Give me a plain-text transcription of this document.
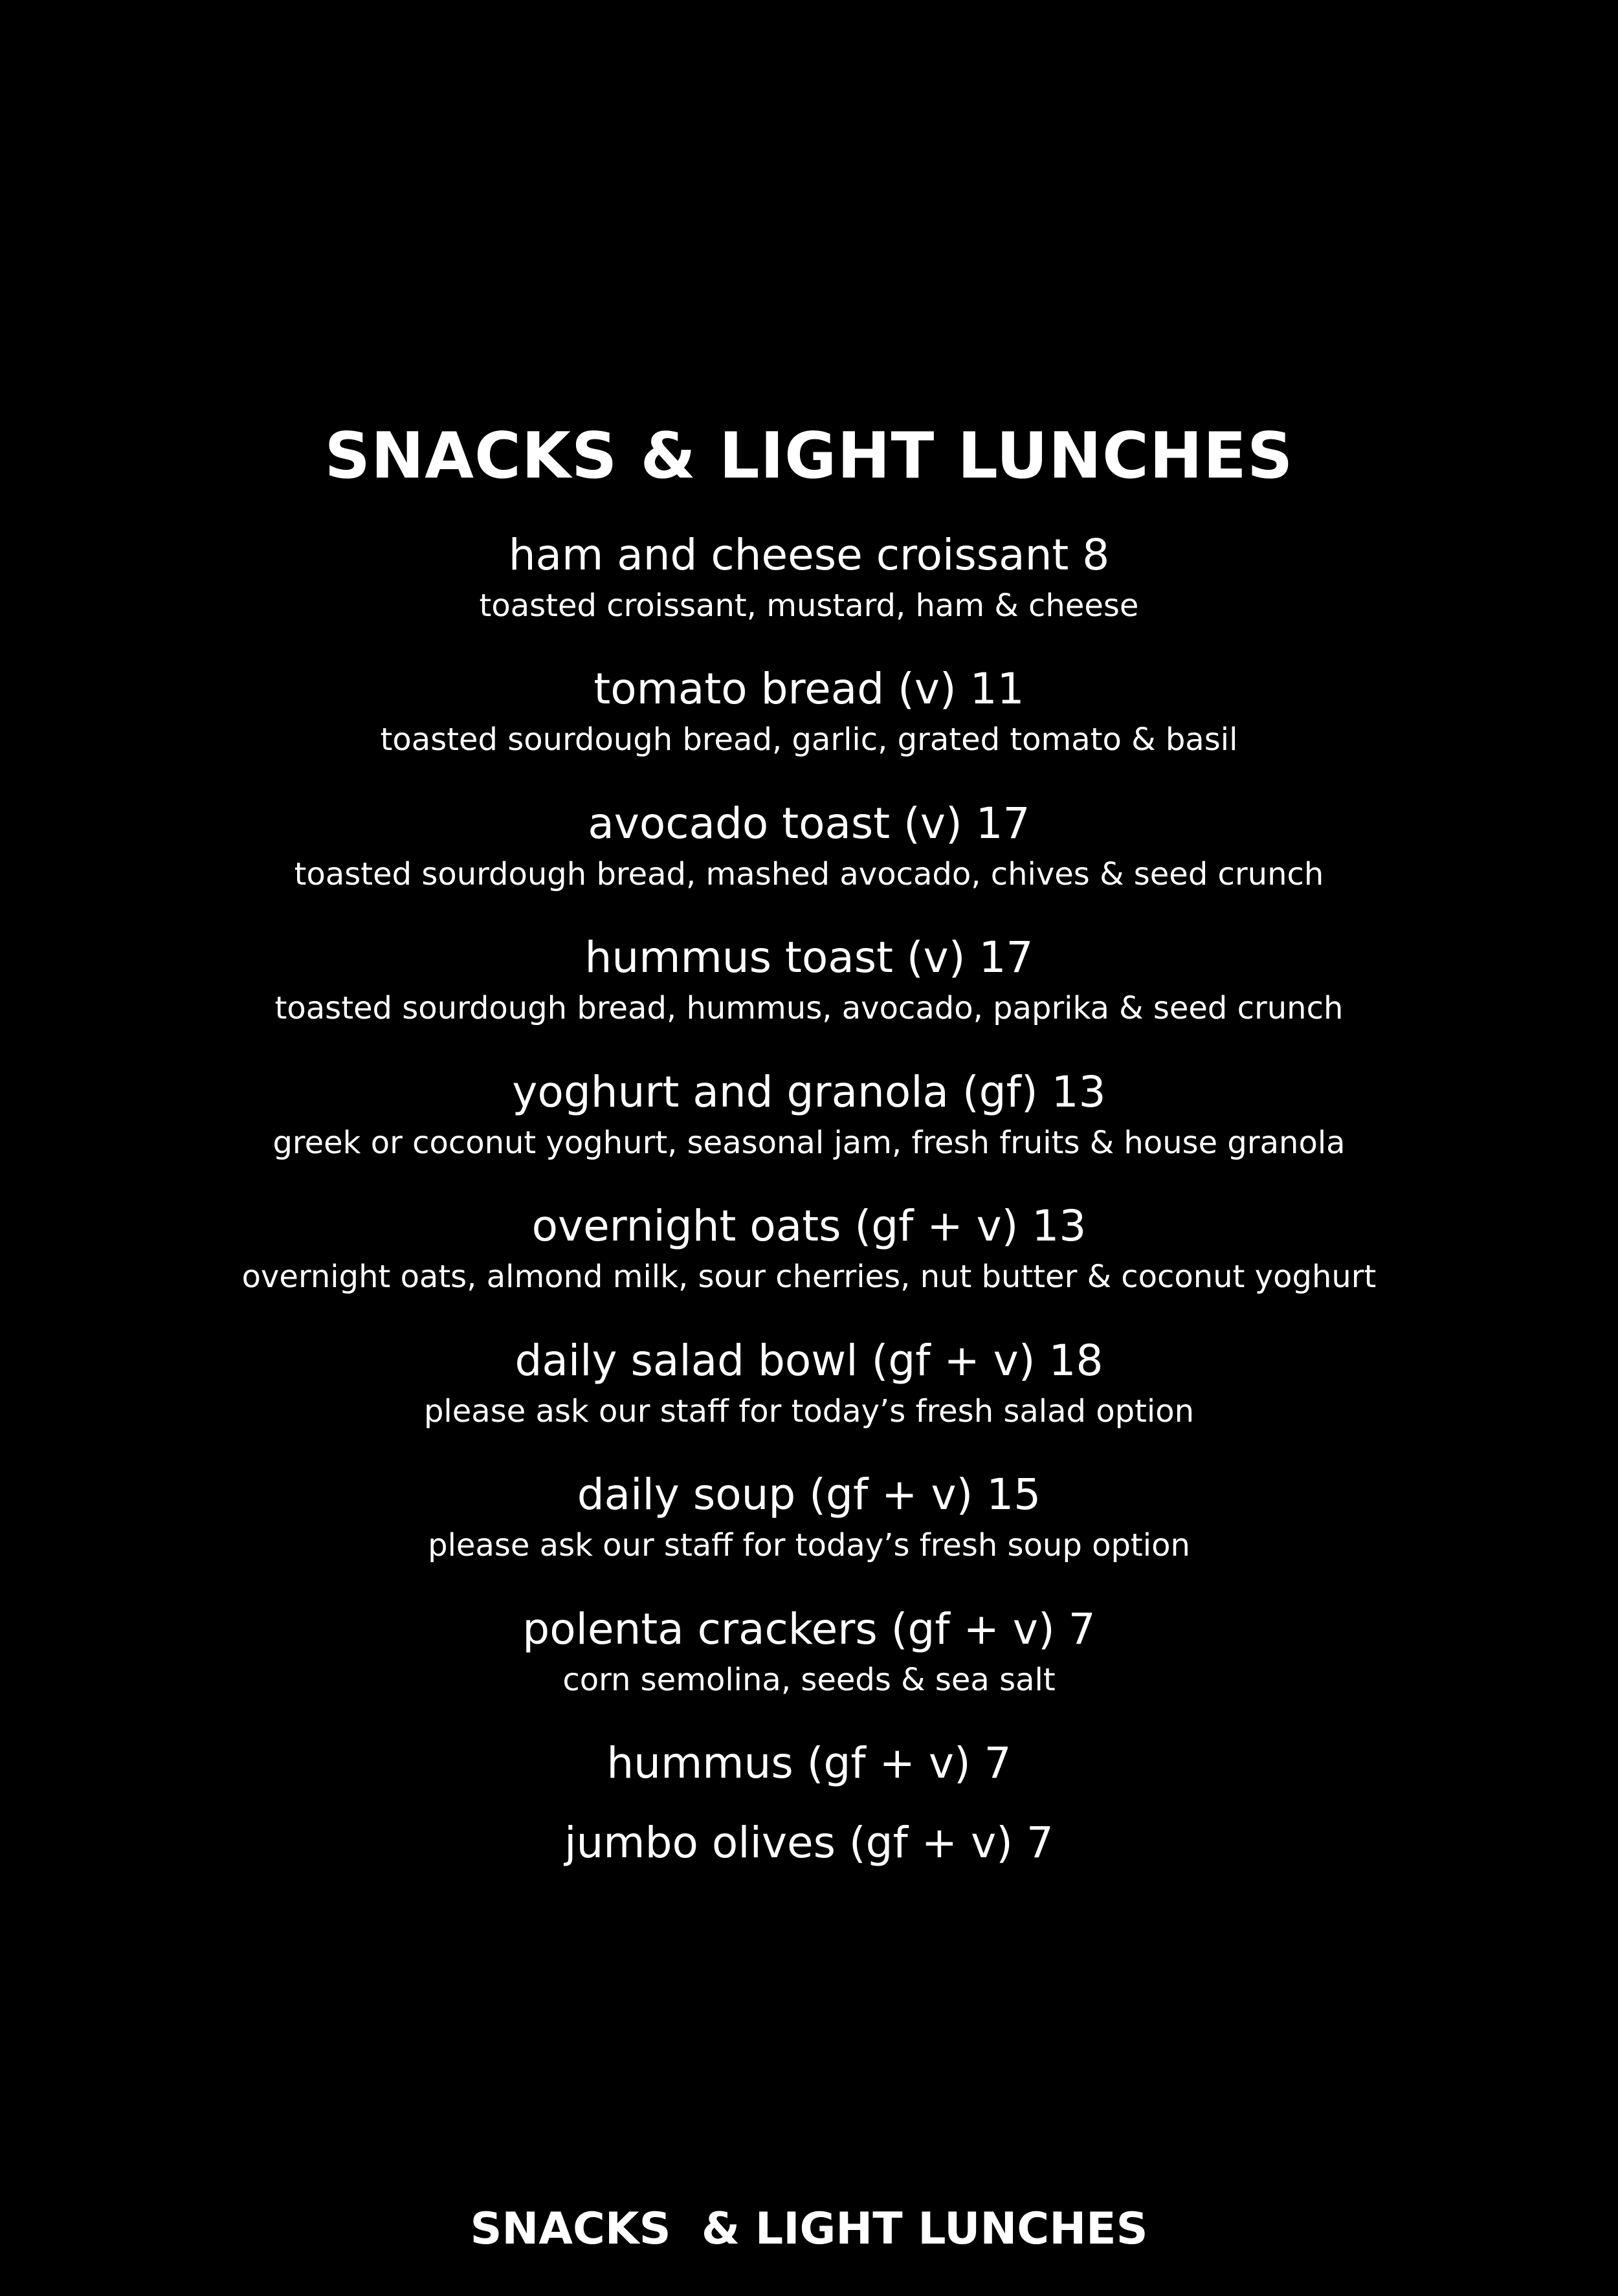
SNACKS & LIGHT LUNCHES
ham and cheese croissant 8
toasted croissant, mustard, ham & cheese
tomato bread (v) 11
toasted sourdough bread, garlic, grated tomato & basil
avocado toast (v) 17
toasted sourdough bread, mashed avocado, chives & seed crunch
hummus toast (v) 17
toasted sourdough bread, hummus, avocado, paprika & seed crunch
yoghurt and granola (gf) 13
greek or coconut yoghurt, seasonal jam, fresh fruits & house granola
overnight oats (gf + v) 13
overnight oats, almond milk, sour cherries, nut butter & coconut yoghurt
daily salad bowl (gf + v) 18
please ask our staff for today’s fresh salad option
daily soup (gf + v) 15
please ask our staff for today’s fresh soup option
polenta crackers (gf + v) 7
corn semolina, seeds & sea salt
hummus (gf + v) 7
jumbo olives (gf + v) 7
SNACKS  & LIGHT LUNCHES
